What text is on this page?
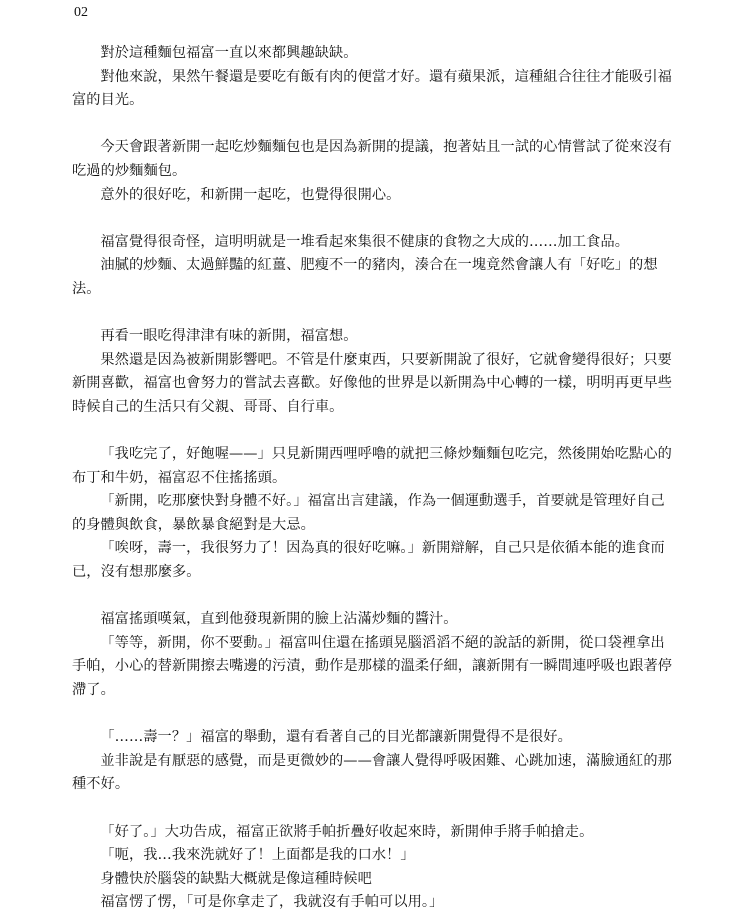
02

對於這種麵包福富一直以來都興趣缺缺。

對他來說，果然午餐還是要吃有飯有肉的便當才好。還有蘋果派，這種組合往往才能吸引福富的目光。

今天會跟著新開一起吃炒麵麵包也是因為新開的提議，抱著姑且一試的心情嘗試了從來沒有吃過的炒麵麵包。

意外的很好吃，和新開一起吃，也覺得很開心。

福富覺得很奇怪，這明明就是一堆看起來集很不健康的食物之大成的……加工食品。

油膩的炒麵、太過鮮豔的紅薑、肥瘦不一的豬肉，湊合在一塊竟然會讓人有「好吃」的想法。

再看一眼吃得津津有味的新開，福富想。

果然還是因為被新開影響吧。不管是什麼東西，只要新開說了很好，它就會變得很好；只要新開喜歡，福富也會努力的嘗試去喜歡。好像他的世界是以新開為中心轉的一樣，明明再更早些時候自己的生活只有父親、哥哥、自行車。

「我吃完了，好飽喔——」只見新開西哩呼嚕的就把三條炒麵麵包吃完，然後開始吃點心的布丁和牛奶，福富忍不住搖搖頭。

「新開，吃那麼快對身體不好。」福富出言建議，作為一個運動選手，首要就是管理好自己的身體與飲食，暴飲暴食絕對是大忌。

「唉呀，壽一，我很努力了！因為真的很好吃嘛。」新開辯解，自己只是依循本能的進食而已，沒有想那麼多。

福富搖頭嘆氣，直到他發現新開的臉上沾滿炒麵的醬汁。

「等等，新開，你不要動。」福富叫住還在搖頭晃腦滔滔不絕的說話的新開，從口袋裡拿出手帕，小心的替新開擦去嘴邊的污漬，動作是那樣的溫柔仔細，讓新開有一瞬間連呼吸也跟著停滯了。

「……壽一？」福富的舉動，還有看著自己的目光都讓新開覺得不是很好。

並非說是有厭惡的感覺，而是更微妙的——會讓人覺得呼吸困難、心跳加速，滿臉通紅的那種不好。

「好了。」大功告成，福富正欲將手帕折疊好收起來時，新開伸手將手帕搶走。

「呃，我…我來洗就好了！上面都是我的口水！」

身體快於腦袋的缺點大概就是像這種時候吧

福富愣了愣，「可是你拿走了，我就沒有手帕可以用。」
